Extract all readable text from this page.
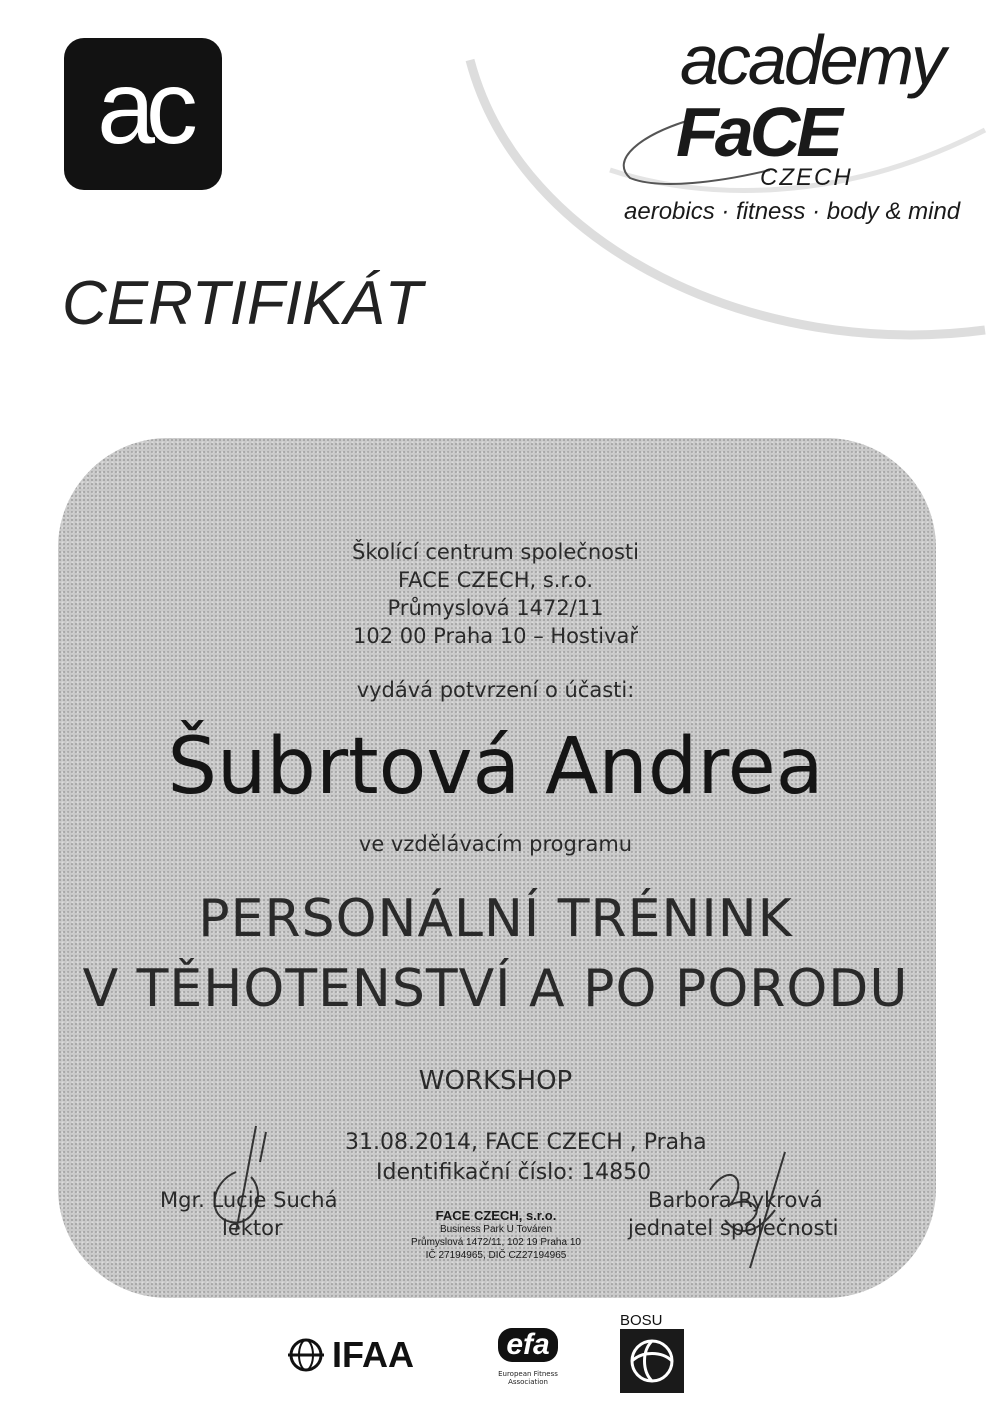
ac	academy
FaCE
CZECH
aerobics · fitness · body & mind
CERTIFIKÁT
Školící centrum společnosti
FACE CZECH, s.r.o.
Průmyslová 1472/11
102 00 Praha 10 – Hostivař
vydává potvrzení o účasti:
Šubrtová Andrea
ve vzdělávacím programu
PERSONÁLNÍ TRÉNINK
V TĚHOTENSTVÍ A PO PORODU
WORKSHOP
31.08.2014, FACE CZECH , Praha
Identifikační číslo: 14850
Mgr. Lucie Suchá
lektor
Barbora Rykrová
jednatel společnosti
FACE CZECH, s.r.o.
Business Park U Továren
Průmyslová 1472/11, 102 19 Praha 10
IČ 27194965, DIČ CZ27194965
IFAA	efa
European Fitness Association
BOSU
